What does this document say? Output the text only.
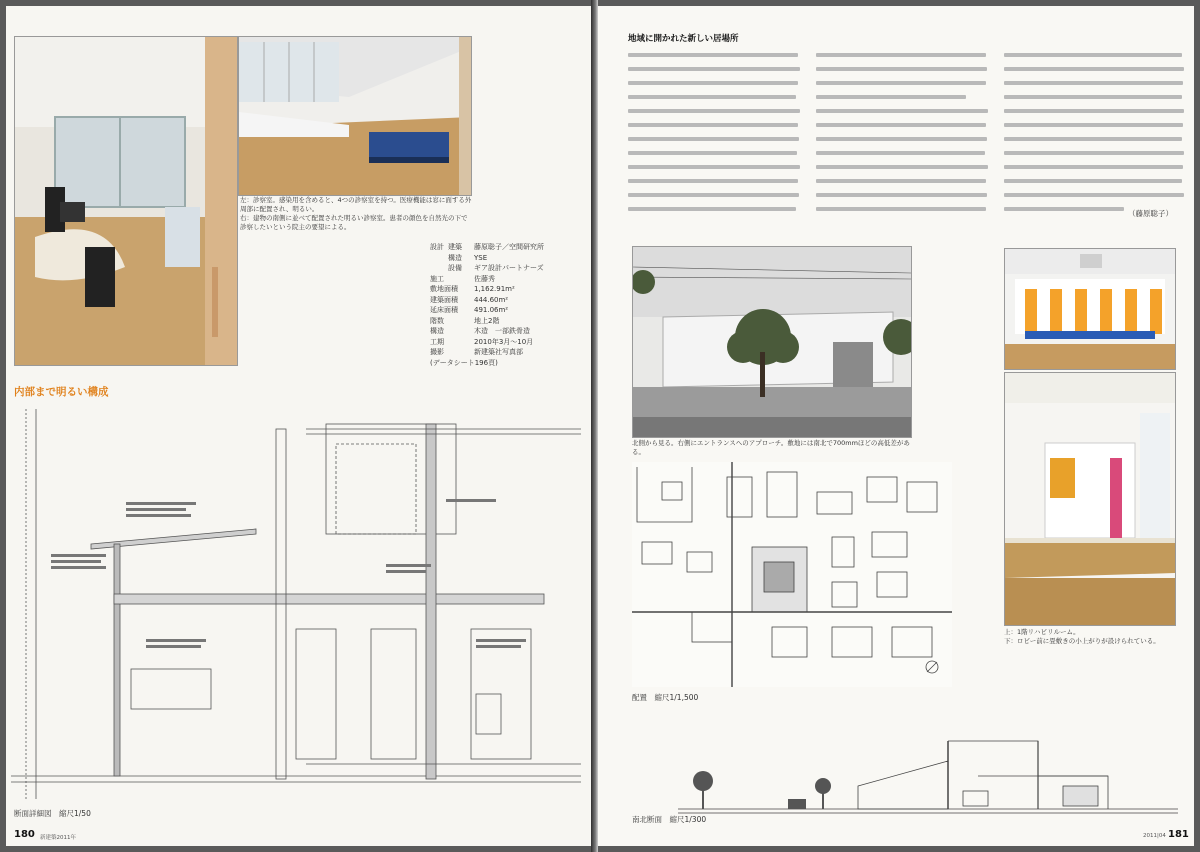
左：診察室。感染用を含めると、4つの診察室を持つ。医療機能は窓に面する外
周部に配置され、明るい。
右：建物の南側に並べて配置された明るい診察室。患者の顔色を自然光の下で
診察したいという院主の要望による。
設計 建築	藤原聡子／空間研究所
構造	YSE
設備	ギア設計パートナーズ
施工	佐藤秀
敷地面積	1,162.91m²
建築面積	444.60m²
延床面積	491.06m²
階数	地上2階
構造	木造　一部鉄骨造
工期	2010年3月～10月
撮影	新建築社写真部
(データシート196頁)
内部まで明るい構成
断面詳細図　縮尺1/50
180 新建築2011年
地域に開かれた新しい居場所
（藤原聡子）
北側から見る。右側にエントランスへのアプローチ。敷地には南北で700mmほどの高低差がある。
配置　縮尺1/1,500
上：1階リハビリルーム。
下：ロビー前に畳敷きの小上がりが設けられている。
南北断面　縮尺1/300
2011|04 181
